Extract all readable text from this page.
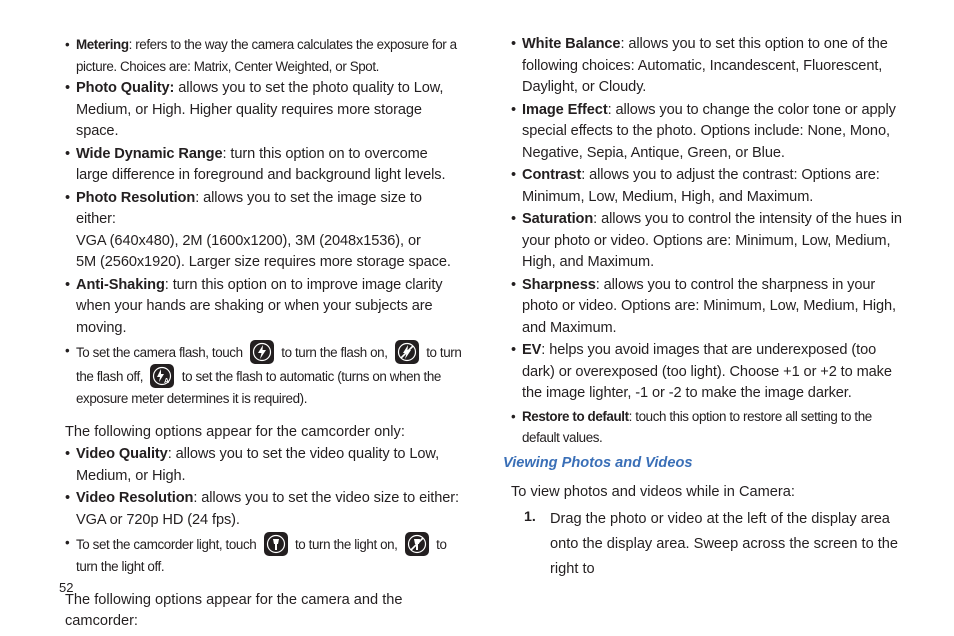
• Metering: refers to the way the camera calculates the exposure for a picture. Choices are: Matrix, Center Weighted, or Spot.
• Photo Quality: allows you to set the photo quality to Low, Medium, or High. Higher quality requires more storage space.
• Wide Dynamic Range: turn this option on to overcome large difference in foreground and background light levels.
• Photo Resolution: allows you to set the image size to either:
VGA (640x480), 2M (1600x1200), 3M (2048x1536), or
5M (2560x1920). Larger size requires more storage space.
• Anti-Shaking: turn this option on to improve image clarity when your hands are shaking or when your subjects are moving.
• To set the camera flash, touch	to turn the flash on,	to turn the flash off,	A to set the flash to automatic (turns on when the exposure meter determines it is required).
The following options appear for the camcorder only:
• Video Quality: allows you to set the video quality to Low, Medium, or High.
• Video Resolution: allows you to set the video size to either: VGA or 720p HD (24 fps).
• To set the camcorder light, touch	to turn the light on,	to turn the light off.
The following options appear for the camera and the camcorder:
• White Balance: allows you to set this option to one of the following choices: Automatic, Incandescent, Fluorescent, Daylight, or Cloudy.
• Image Effect: allows you to change the color tone or apply special effects to the photo. Options include: None, Mono, Negative, Sepia, Antique, Green, or Blue.
• Contrast: allows you to adjust the contrast: Options are: Minimum, Low, Medium, High, and Maximum.
• Saturation: allows you to control the intensity of the hues in your photo or video. Options are: Minimum, Low, Medium, High, and Maximum.
• Sharpness: allows you to control the sharpness in your photo or video. Options are: Minimum, Low, Medium, High, and Maximum.
• EV: helps you avoid images that are underexposed (too dark) or overexposed (too light). Choose +1 or +2 to make the image lighter, -1 or -2 to make the image darker.
• Restore to default: touch this option to restore all setting to the default values.
Viewing Photos and Videos
To view photos and videos while in Camera:
1. Drag the photo or video at the left of the display area onto the display area. Sweep across the screen to the right to
52
